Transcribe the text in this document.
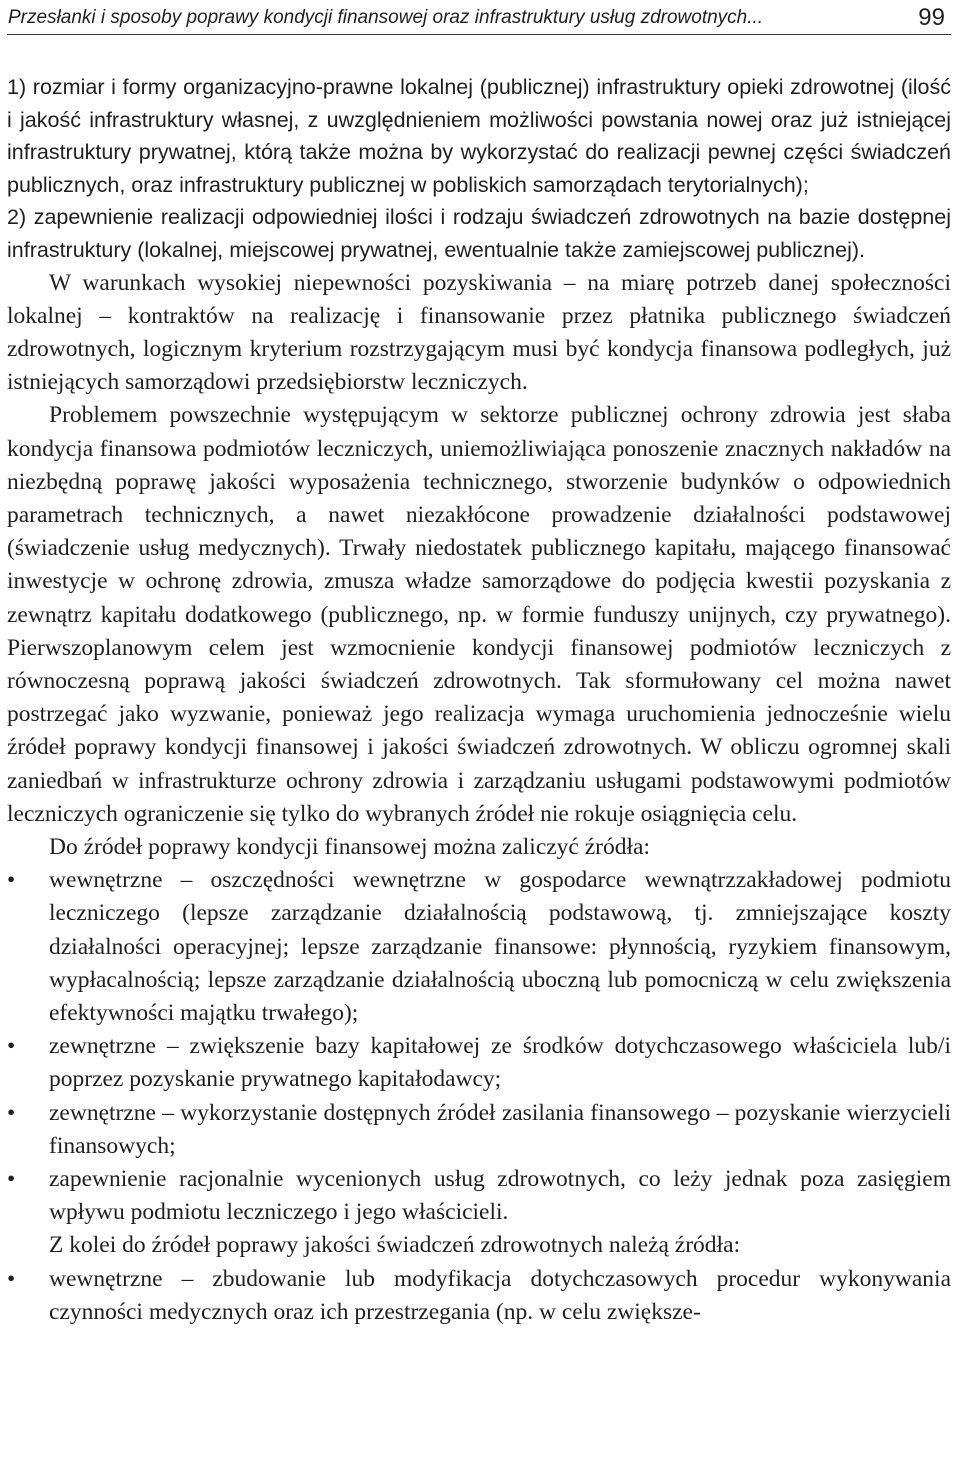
Przesłanki i sposoby poprawy kondycji finansowej oraz infrastruktury usług zdrowotnych...	99

1) rozmiar i formy organizacyjno-prawne lokalnej (publicznej) infrastruktury opieki zdrowotnej (ilość i jakość infrastruktury własnej, z uwzględnieniem możliwości powstania nowej oraz już istniejącej infrastruktury prywatnej, którą także można by wykorzystać do realizacji pewnej części świadczeń publicznych, oraz infrastruktury publicznej w pobliskich samorządach terytorialnych);

2) zapewnienie realizacji odpowiedniej ilości i rodzaju świadczeń zdrowotnych na bazie dostępnej infrastruktury (lokalnej, miejscowej prywatnej, ewentualnie także zamiejscowej publicznej).

W warunkach wysokiej niepewności pozyskiwania – na miarę potrzeb danej społeczności lokalnej – kontraktów na realizację i finansowanie przez płatnika publicznego świadczeń zdrowotnych, logicznym kryterium rozstrzygającym musi być kondycja finansowa podległych, już istniejących samorządowi przedsiębiorstw leczniczych.

Problemem powszechnie występującym w sektorze publicznej ochrony zdrowia jest słaba kondycja finansowa podmiotów leczniczych, uniemożliwiająca ponoszenie znacznych nakładów na niezbędną poprawę jakości wyposażenia technicznego, stworzenie budynków o odpowiednich parametrach technicznych, a nawet niezakłócone prowadzenie działalności podstawowej (świadczenie usług medycznych). Trwały niedostatek publicznego kapitału, mającego finansować inwestycje w ochronę zdrowia, zmusza władze samorządowe do podjęcia kwestii pozyskania z zewnątrz kapitału dodatkowego (publicznego, np. w formie funduszy unijnych, czy prywatnego). Pierwszoplanowym celem jest wzmocnienie kondycji finansowej podmiotów leczniczych z równoczesną poprawą jakości świadczeń zdrowotnych. Tak sformułowany cel można nawet postrzegać jako wyzwanie, ponieważ jego realizacja wymaga uruchomienia jednocześnie wielu źródeł poprawy kondycji finansowej i jakości świadczeń zdrowotnych. W obliczu ogromnej skali zaniedbań w infrastrukturze ochrony zdrowia i zarządzaniu usługami podstawowymi podmiotów leczniczych ograniczenie się tylko do wybranych źródeł nie rokuje osiągnięcia celu.

Do źródeł poprawy kondycji finansowej można zaliczyć źródła:

• wewnętrzne – oszczędności wewnętrzne w gospodarce wewnątrzzakładowej podmiotu leczniczego (lepsze zarządzanie działalnością podstawową, tj. zmniejszające koszty działalności operacyjnej; lepsze zarządzanie finansowe: płynnością, ryzykiem finansowym, wypłacalnością; lepsze zarządzanie działalnością uboczną lub pomocniczą w celu zwiększenia efektywności majątku trwałego);
• zewnętrzne – zwiększenie bazy kapitałowej ze środków dotychczasowego właściciela lub/i poprzez pozyskanie prywatnego kapitałodawcy;
• zewnętrzne – wykorzystanie dostępnych źródeł zasilania finansowego – pozyskanie wierzycieli finansowych;
• zapewnienie racjonalnie wycenionych usług zdrowotnych, co leży jednak poza zasięgiem wpływu podmiotu leczniczego i jego właścicieli.

Z kolei do źródeł poprawy jakości świadczeń zdrowotnych należą źródła:

• wewnętrzne – zbudowanie lub modyfikacja dotychczasowych procedur wykonywania czynności medycznych oraz ich przestrzegania (np. w celu zwiększe-
